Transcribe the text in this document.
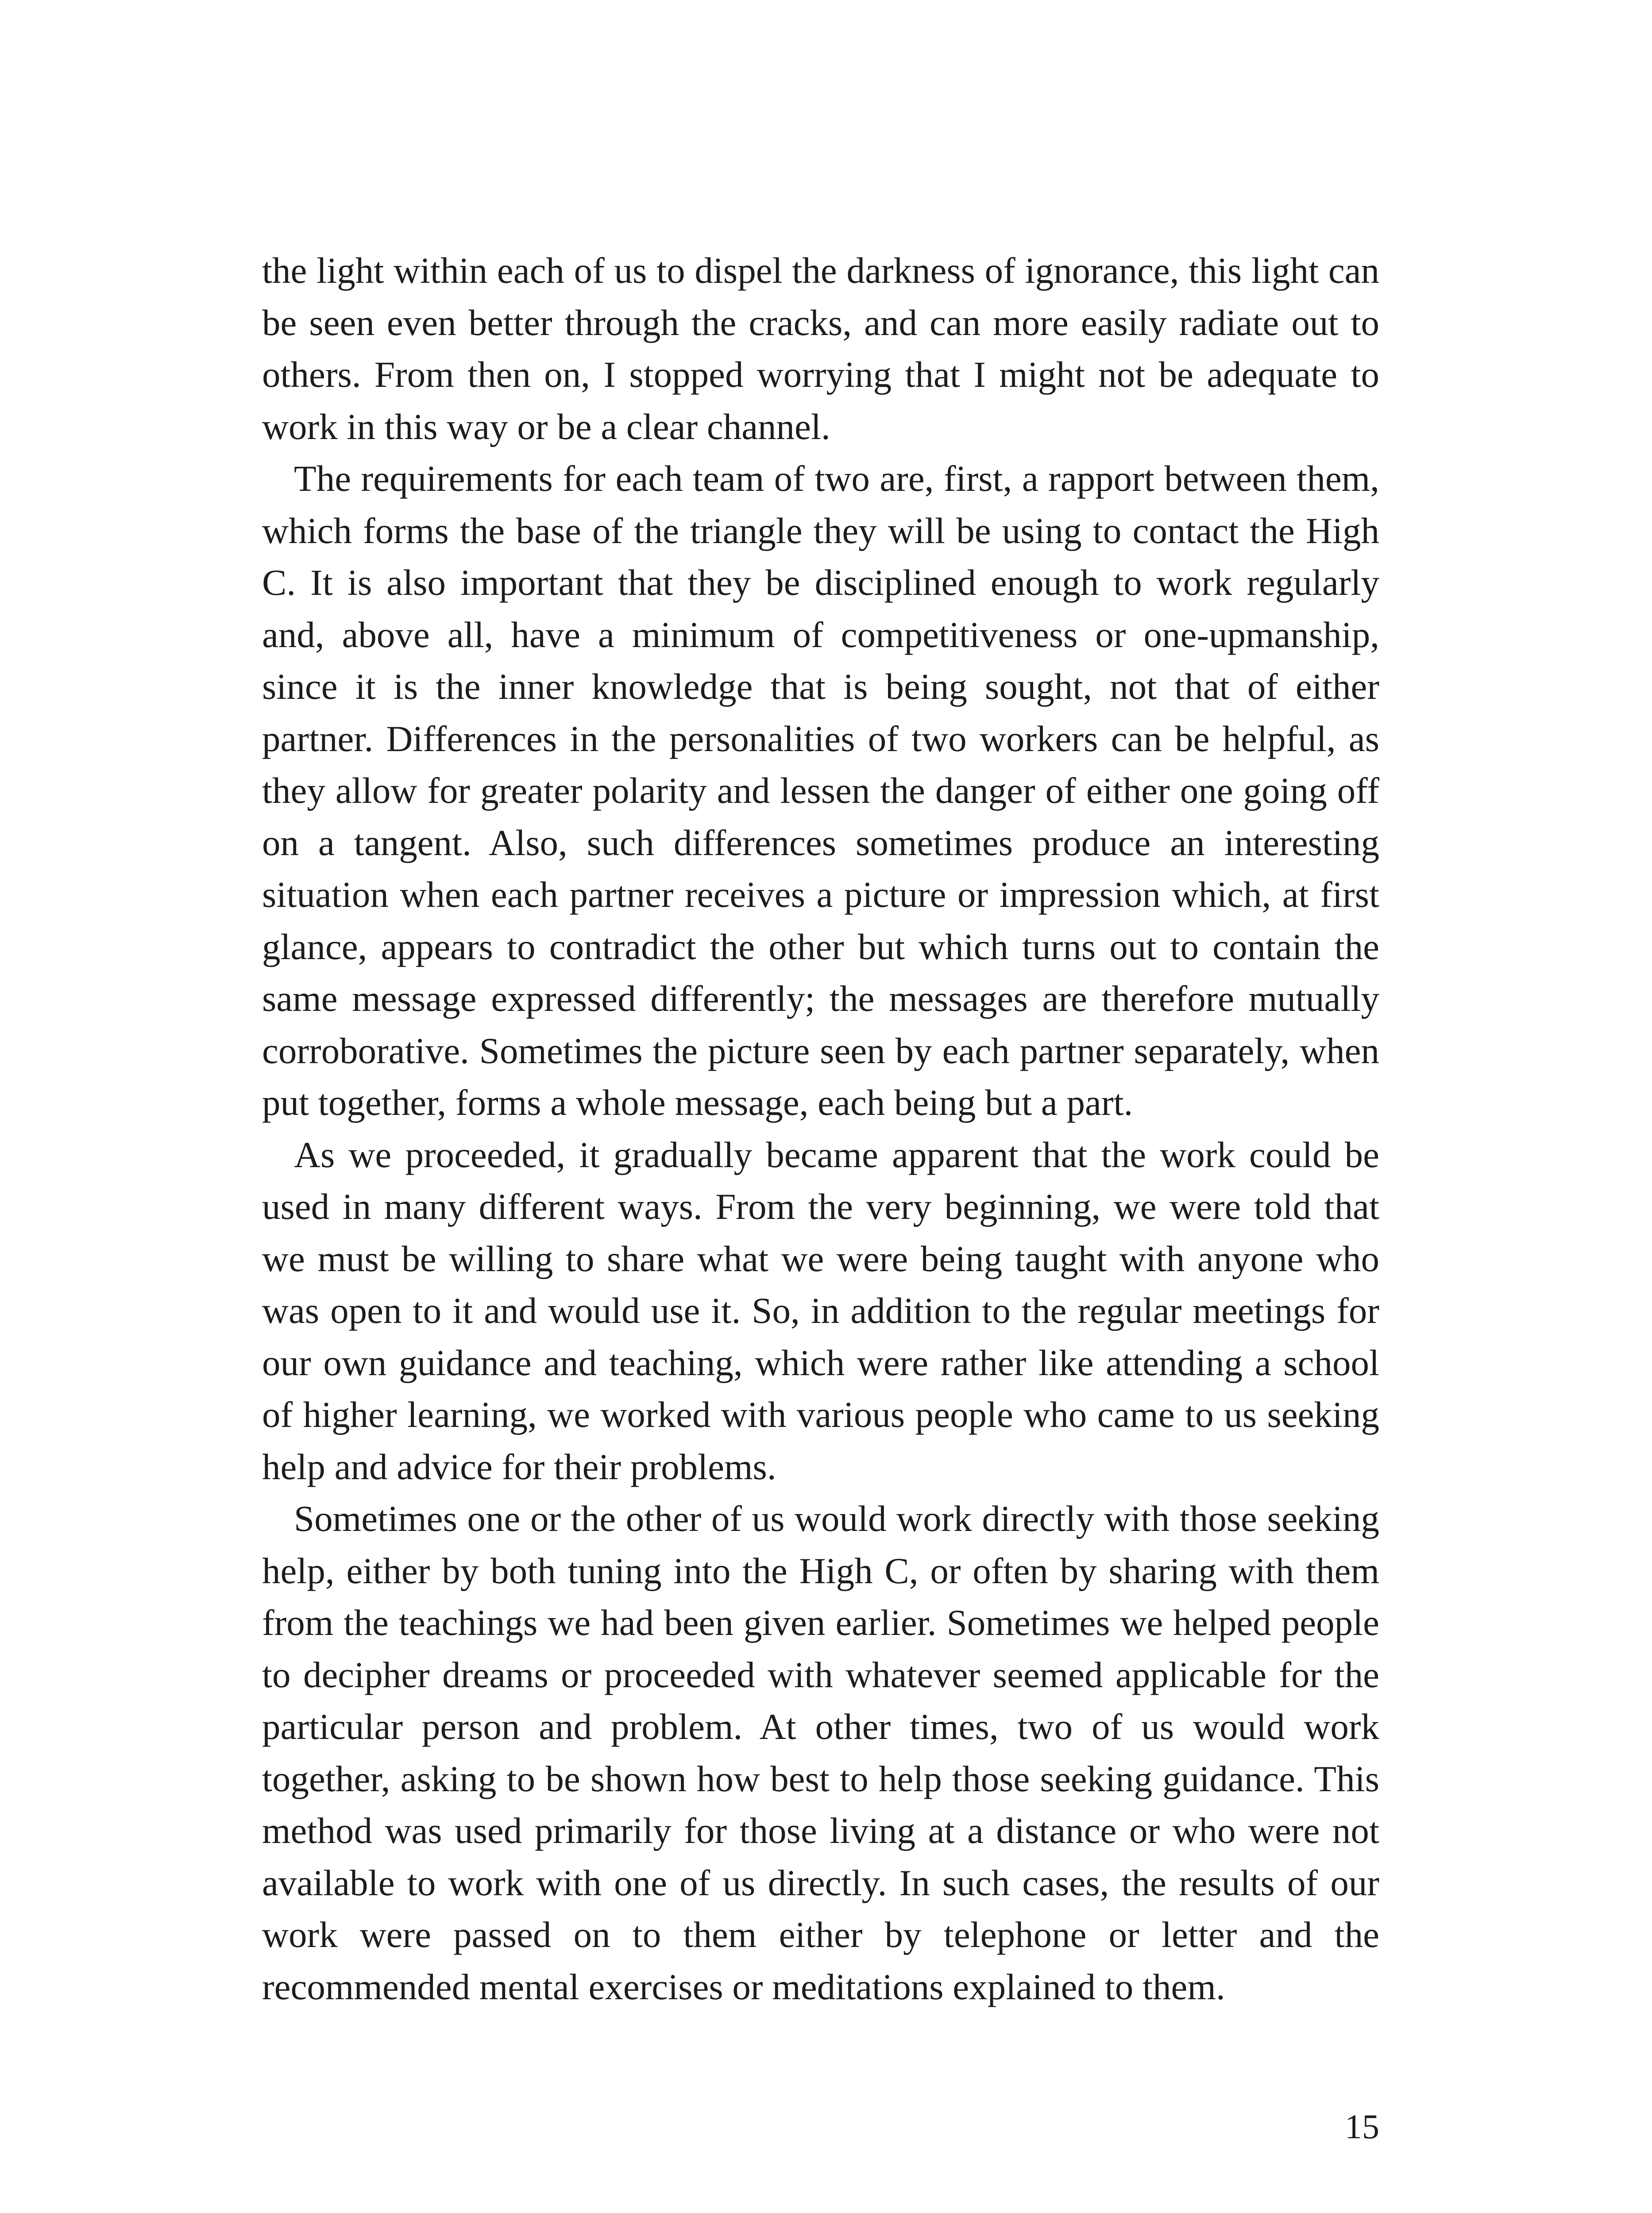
the light within each of us to dispel the darkness of ignorance, this light can be seen even better through the cracks, and can more easily radiate out to others. From then on, I stopped worrying that I might not be adequate to work in this way or be a clear channel.

The requirements for each team of two are, first, a rapport between them, which forms the base of the triangle they will be using to contact the High C. It is also important that they be disciplined enough to work regularly and, above all, have a minimum of competitiveness or one-upmanship, since it is the inner knowledge that is being sought, not that of either partner. Differences in the personalities of two workers can be helpful, as they allow for greater polarity and lessen the danger of either one going off on a tangent. Also, such differences sometimes produce an interesting situation when each partner receives a picture or impression which, at first glance, appears to contradict the other but which turns out to contain the same message expressed differently; the messages are therefore mutually corroborative. Sometimes the picture seen by each partner separately, when put together, forms a whole message, each being but a part.

As we proceeded, it gradually became apparent that the work could be used in many different ways. From the very beginning, we were told that we must be willing to share what we were being taught with anyone who was open to it and would use it. So, in addition to the regular meetings for our own guidance and teaching, which were rather like attending a school of higher learning, we worked with various people who came to us seeking help and advice for their problems.

Sometimes one or the other of us would work directly with those seeking help, either by both tuning into the High C, or often by sharing with them from the teachings we had been given earlier. Sometimes we helped people to decipher dreams or proceeded with whatever seemed applicable for the particular person and problem. At other times, two of us would work together, asking to be shown how best to help those seeking guidance. This method was used primarily for those living at a distance or who were not available to work with one of us directly. In such cases, the results of our work were passed on to them either by telephone or letter and the recommended mental exercises or meditations explained to them.

15
